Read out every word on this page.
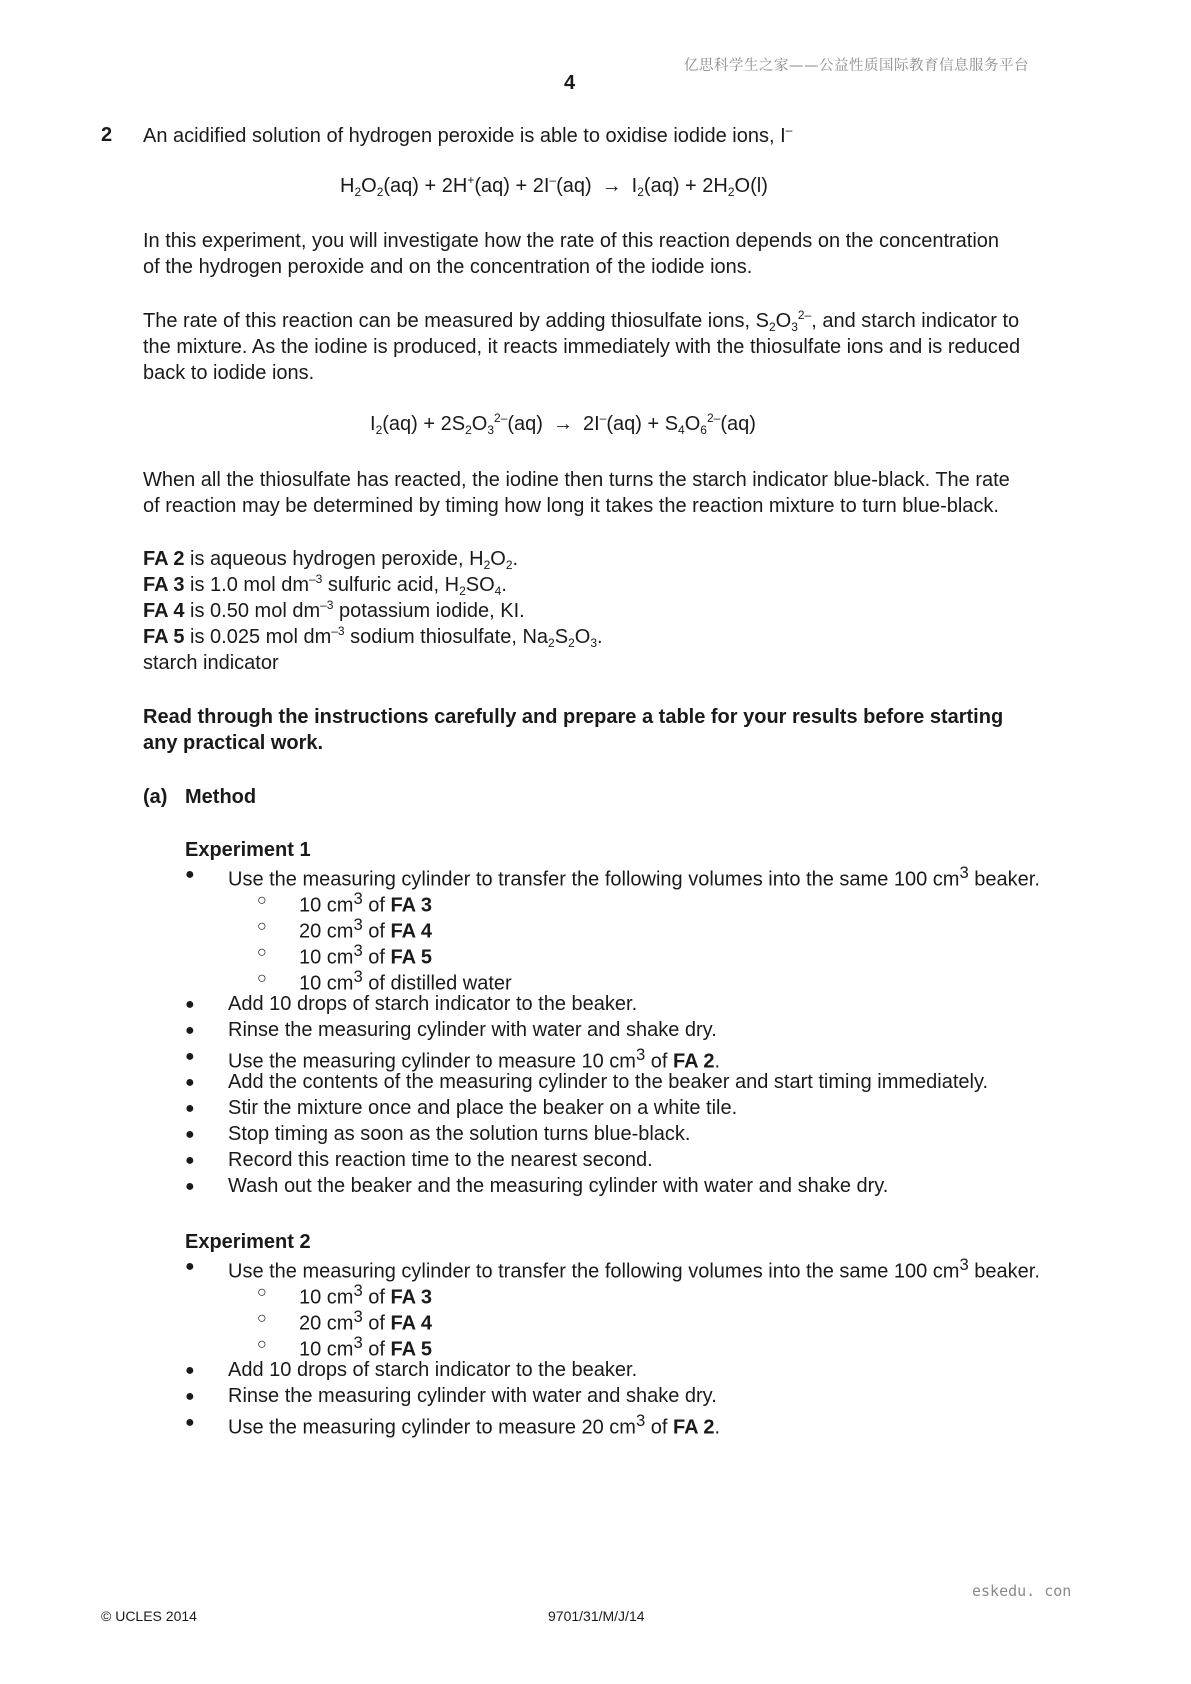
亿思科学生之家——公益性质国际教育信息服务平台
4
2 An acidified solution of hydrogen peroxide is able to oxidise iodide ions, I–
$H_2O_2(aq) + 2H^+(aq) + 2I^-(aq) \to I_2(aq) + 2H_2O(l)$
In this experiment, you will investigate how the rate of this reaction depends on the concentration
of the hydrogen peroxide and on the concentration of the iodide ions.
The rate of this reaction can be measured by adding thiosulfate ions, $S_2O_3^{2-}$, and starch indicator to
the mixture. As the iodine is produced, it reacts immediately with the thiosulfate ions and is reduced
back to iodide ions.
$I_2(aq) + 2S_2O_3^{2-}(aq) \to 2I^-(aq) + S_4O_6^{2-}(aq)$
When all the thiosulfate has reacted, the iodine then turns the starch indicator blue-black. The rate
of reaction may be determined by timing how long it takes the reaction mixture to turn blue-black.
FA 2 is aqueous hydrogen peroxide, $H_2O_2$.
FA 3 is 1.0 mol $dm^{-3}$ sulfuric acid, $H_2SO_4$.
FA 4 is 0.50 mol $dm^{-3}$ potassium iodide, KI.
FA 5 is 0.025 mol $dm^{-3}$ sodium thiosulfate, $Na_2S_2O_3$.
starch indicator
Read through the instructions carefully and prepare a table for your results before starting
any practical work.
(a) Method
Experiment 1
● Use the measuring cylinder to transfer the following volumes into the same 100 $cm^3$ beaker.
○ 10 $cm^3$ of FA 3
○ 20 $cm^3$ of FA 4
○ 10 $cm^3$ of FA 5
○ 10 $cm^3$ of distilled water
● Add 10 drops of starch indicator to the beaker.
● Rinse the measuring cylinder with water and shake dry.
● Use the measuring cylinder to measure 10 $cm^3$ of FA 2.
● Add the contents of the measuring cylinder to the beaker and start timing immediately.
● Stir the mixture once and place the beaker on a white tile.
● Stop timing as soon as the solution turns blue-black.
● Record this reaction time to the nearest second.
● Wash out the beaker and the measuring cylinder with water and shake dry.
Experiment 2
● Use the measuring cylinder to transfer the following volumes into the same 100 $cm^3$ beaker.
○ 10 $cm^3$ of FA 3
○ 20 $cm^3$ of FA 4
○ 10 $cm^3$ of FA 5
● Add 10 drops of starch indicator to the beaker.
● Rinse the measuring cylinder with water and shake dry.
● Use the measuring cylinder to measure 20 $cm^3$ of FA 2.
eskedu. con
© UCLES 2014	9701/31/M/J/14
